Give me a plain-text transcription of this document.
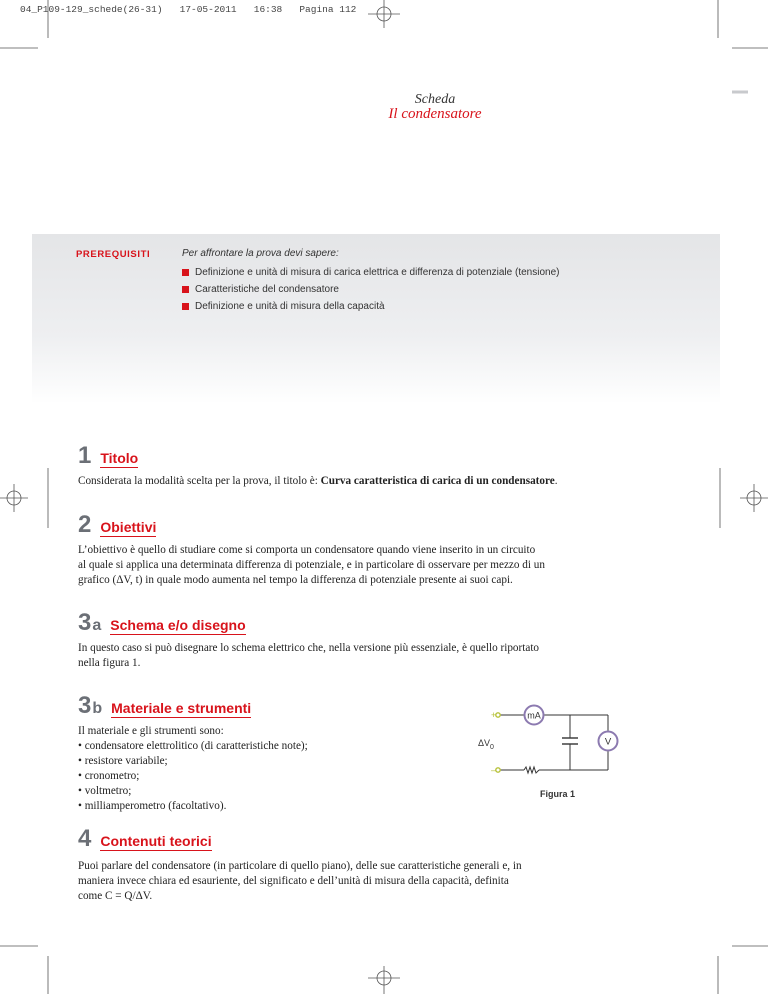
04_P109-129_schede(26-31)   17-05-2011   16:38   Pagina 112
Scheda
Il condensatore
PREREQUISITI	Per affrontare la prova devi sapere:
Definizione e unità di misura di carica elettrica e differenza di potenziale (tensione)
Caratteristiche del condensatore
Definizione e unità di misura della capacità
1 Titolo
Considerata la modalità scelta per la prova, il titolo è: Curva caratteristica di carica di un condensatore.
2 Obiettivi
L’obiettivo è quello di studiare come si comporta un condensatore quando viene inserito in un circuito
al quale si applica una determinata differenza di potenziale, e in particolare di osservare per mezzo di un
grafico (ΔV, t) in quale modo aumenta nel tempo la differenza di potenziale presente ai suoi capi.
3 a Schema e/o disegno
In questo caso si può disegnare lo schema elettrico che, nella versione più essenziale, è quello riportato
nella figura 1.
3 b Materiale e strumenti
Il materiale e gli strumenti sono:
• condensatore elettrolitico (di caratteristiche note);
• resistore variabile;
• cronometro;
• voltmetro;
• milliamperometro (facoltativo).
+
–
$\Delta V_0$
mA
V
Figura 1
4 Contenuti teorici
Puoi parlare del condensatore (in particolare di quello piano), delle sue caratteristiche generali e, in
maniera invece chiara ed esauriente, del significato e dell’unità di misura della capacità, definita
come C = Q/ΔV.
